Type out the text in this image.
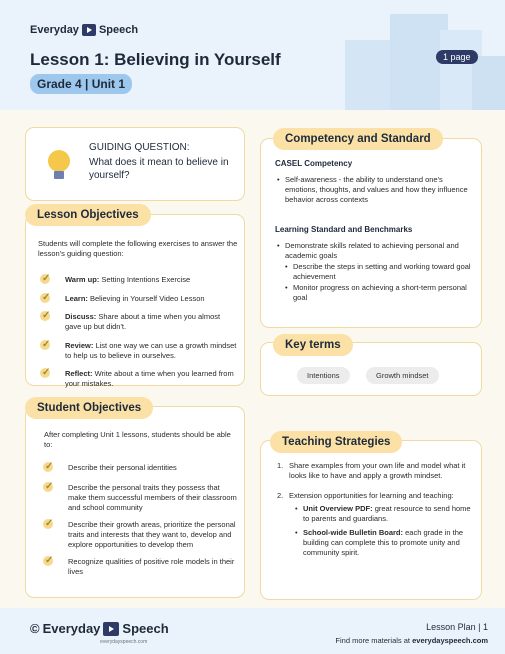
Everyday Speech
Lesson 1: Believing in Yourself
Grade 4 | Unit 1
1 page
GUIDING QUESTION:
What does it mean to believe in yourself?
Students will complete the following exercises to answer the lesson's guiding question:
✓ Warm up: Setting Intentions Exercise
✓ Learn: Believing in Yourself Video Lesson
✓ Discuss: Share about a time when you almost gave up but didn't.
✓ Review: List one way we can use a growth mindset to help us to believe in ourselves.
✓ Reflect: Write about a time when you learned from your mistakes.
Lesson Objectives
After completing Unit 1 lessons, students should be able to:
✓ Describe their personal identities
✓ Describe the personal traits they possess that make them successful members of their classroom and school community
✓ Describe their growth areas, prioritize the personal traits and interests that they want to, develop and explore opportunities to develop them
✓ Recognize qualities of positive role models in their lives
Student Objectives
CASEL Competency
• Self-awareness - the ability to understand one's emotions, thoughts, and values and how they influence behavior across contexts
Learning Standard and Benchmarks
• Demonstrate skills related to achieving personal and academic goals
• Describe the steps in setting and working toward goal achievement
• Monitor progress on achieving a short-term personal goal
Competency and Standard
Intentions	Growth mindset
Key terms
1. Share examples from your own life and model what it looks like to have and apply a growth mindset.
2. Extension opportunities for learning and teaching:
• Unit Overview PDF: great resource to send home to parents and guardians.
• School-wide Bulletin Board: each grade in the building can complete this to promote unity and community spirit.
Teaching Strategies
© Everyday Speech
everydayspeech.com
Lesson Plan | 1
Find more materials at everydayspeech.com
